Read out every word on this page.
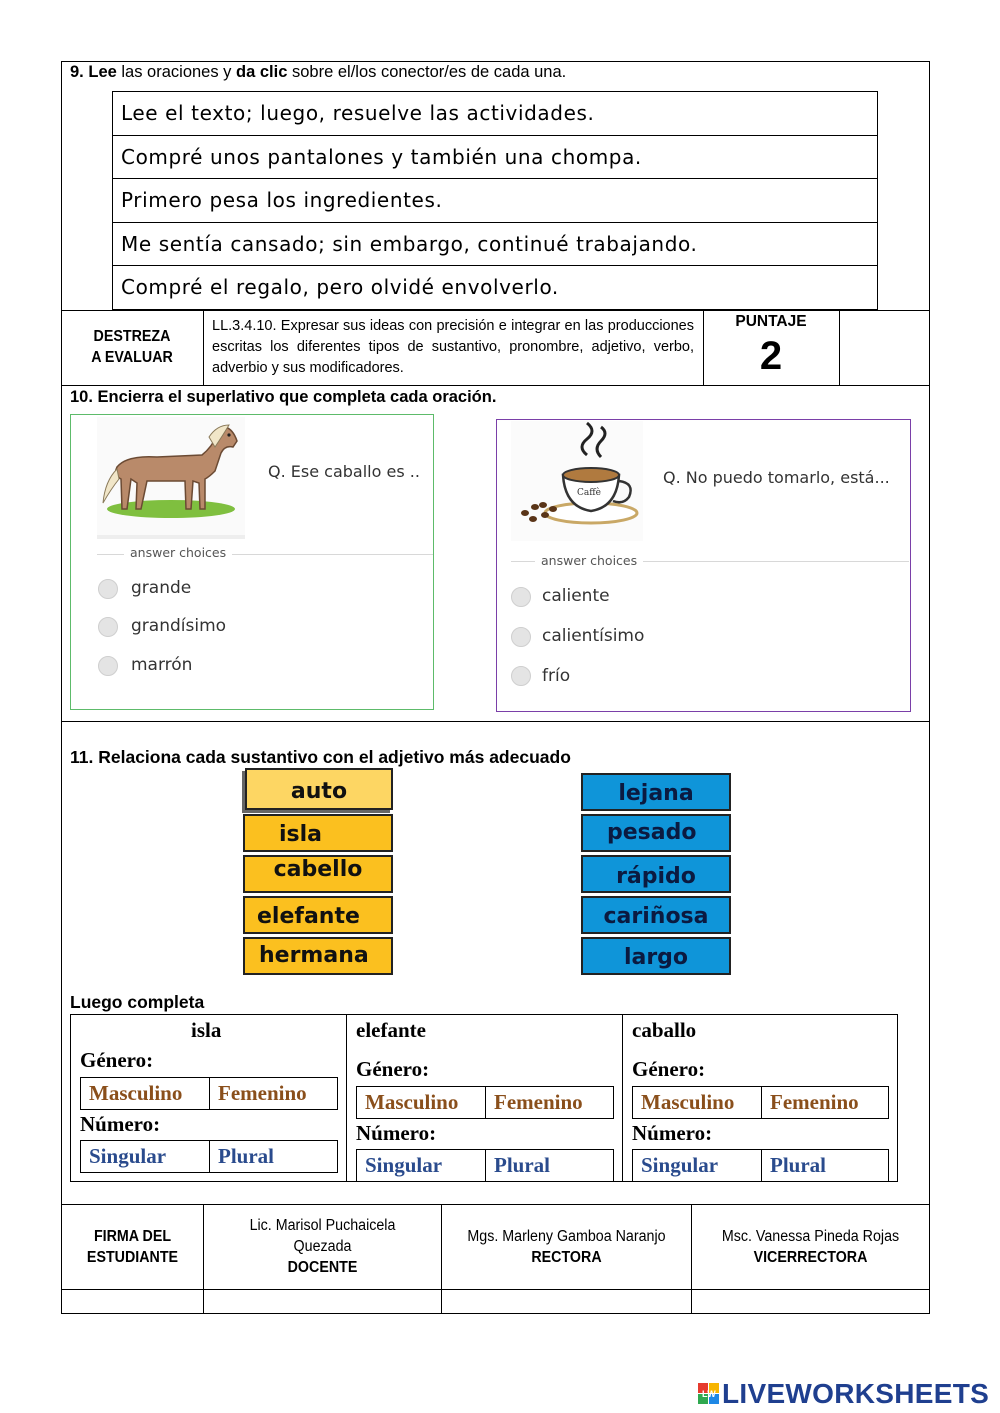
9. Lee las oraciones y da clic sobre el/los conector/es de cada una.
Lee el texto; luego, resuelve las actividades.
Compré unos pantalones y también una chompa.
Primero pesa los ingredientes.
Me sentía cansado; sin embargo, continué trabajando.
Compré el regalo, pero olvidé envolverlo.
DESTREZA
A EVALUAR
LL.3.4.10. Expresar sus ideas con precisión e integrar en las producciones escritas los diferentes tipos de sustantivo, pronombre, adjetivo, verbo, adverbio y sus modificadores.
PUNTAJE
2
10. Encierra el superlativo que completa cada oración.
Q. Ese caballo es ..
answer choices
grande
grandísimo
marrón
Caffè
Q. No puedo tomarlo, está...
answer choices
caliente
calientísimo
frío
11. Relaciona cada sustantivo con el adjetivo más adecuado
auto
isla
cabello
elefante
hermana
lejana
pesado
rápido
cariñosa
largo
Luego completa
isla
Género:
Masculino	Femenino
Número:
Singular	Plural
elefante
Género:
Masculino	Femenino
Número:
Singular	Plural
caballo
Género:
Masculino	Femenino
Número:
Singular	Plural
FIRMA DEL
ESTUDIANTE
Lic. Marisol Puchaicela
Quezada
DOCENTE
Mgs. Marleny Gamboa Naranjo
RECTORA
Msc. Vanessa Pineda Rojas
VICERRECTORA
LW LIVEWORKSHEETS
